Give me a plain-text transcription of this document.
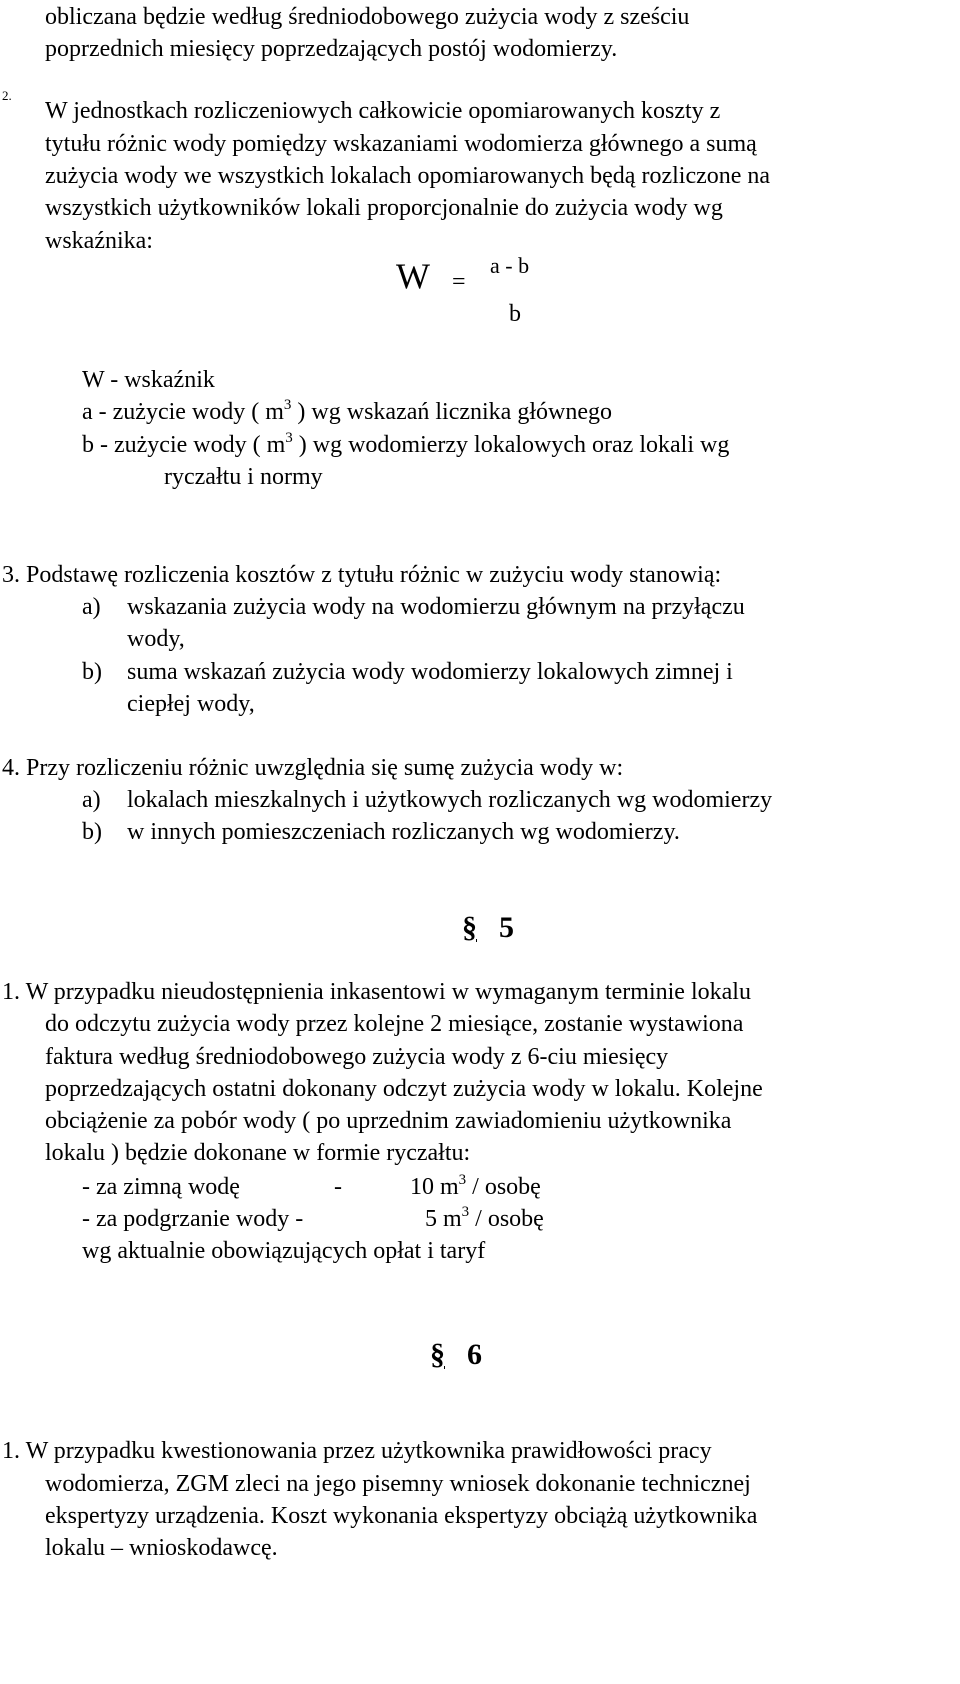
obliczana będzie według średniodobowego zużycia wody z sześciu
poprzednich miesięcy poprzedzających postój wodomierzy.
2.
W jednostkach rozliczeniowych całkowicie opomiarowanych koszty z
tytułu różnic wody pomiędzy wskazaniami wodomierza głównego a sumą
zużycia wody we wszystkich lokalach opomiarowanych będą rozliczone na
wszystkich użytkowników lokali proporcjonalnie do zużycia wody wg
wskaźnika:
W =
a - b
b
W - wskaźnik
a - zużycie wody ( $m^3$ ) wg wskazań licznika głównego
b - zużycie wody ( $m^3$ ) wg wodomierzy lokalowych oraz lokali wg
ryczałtu i normy
3. Podstawę rozliczenia kosztów z tytułu różnic w zużyciu wody stanowią:
a) wskazania zużycia wody na wodomierzu głównym na przyłączu
wody,
b) suma wskazań zużycia wody wodomierzy lokalowych zimnej i
ciepłej wody,
4. Przy rozliczeniu różnic uwzględnia się sumę zużycia wody w:
a) lokalach mieszkalnych i użytkowych rozliczanych wg wodomierzy
b) w innych pomieszczeniach rozliczanych wg wodomierzy.
§ 5
1. W przypadku nieudostępnienia inkasentowi w wymaganym terminie lokalu
do odczytu zużycia wody przez kolejne 2 miesiące, zostanie wystawiona
faktura według średniodobowego zużycia wody z 6-ciu miesięcy
poprzedzających ostatni dokonany odczyt zużycia wody w lokalu. Kolejne
obciążenie za pobór wody ( po uprzednim zawiadomieniu użytkownika
lokalu ) będzie dokonane w formie ryczałtu:
- za zimną wodę	-	10 $m^3$ / osobę
- za podgrzanie wody -	5 $m^3$ / osobę
wg aktualnie obowiązujących opłat i taryf
§ 6
1. W przypadku kwestionowania przez użytkownika prawidłowości pracy
wodomierza, ZGM zleci na jego pisemny wniosek dokonanie technicznej
ekspertyzy urządzenia. Koszt wykonania ekspertyzy obciążą użytkownika
lokalu – wnioskodawcę.
